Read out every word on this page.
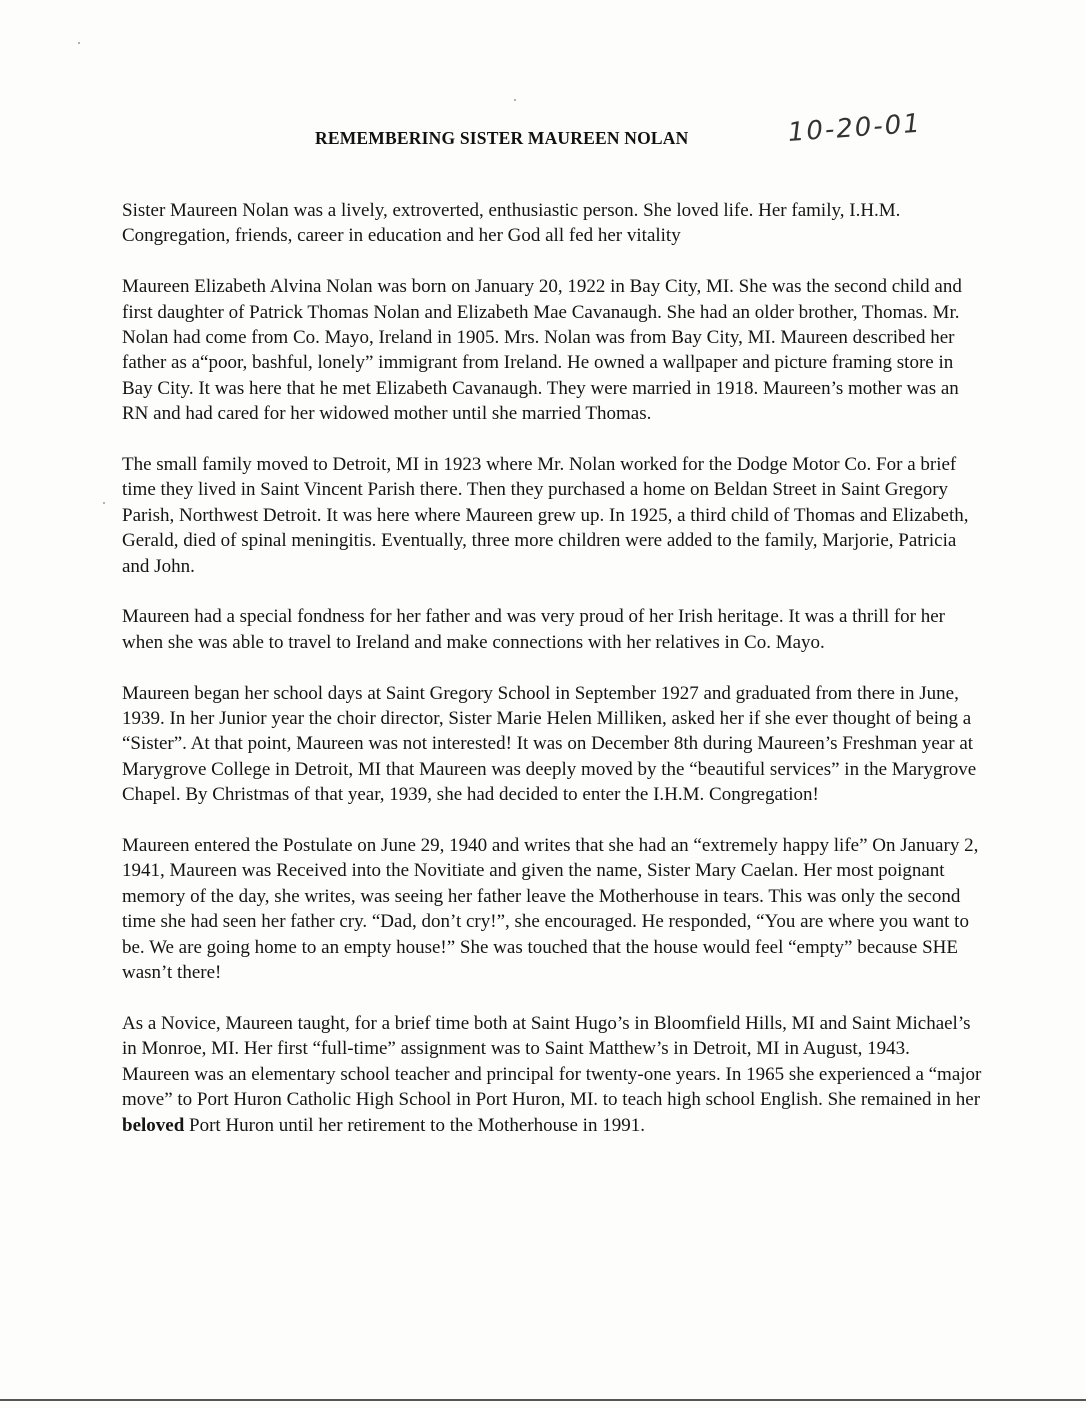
REMEMBERING SISTER MAUREEN NOLAN	10-20-01

Sister Maureen Nolan was a lively, extroverted, enthusiastic person. She loved life. Her family, I.H.M. Congregation, friends, career in education and her God all fed her vitality

Maureen Elizabeth Alvina Nolan was born on January 20, 1922 in Bay City, MI. She was the second child and first daughter of Patrick Thomas Nolan and Elizabeth Mae Cavanaugh. She had an older brother, Thomas. Mr. Nolan had come from Co. Mayo, Ireland in 1905. Mrs. Nolan was from Bay City, MI. Maureen described her father as a“poor, bashful, lonely” immigrant from Ireland. He owned a wallpaper and picture framing store in Bay City. It was here that he met Elizabeth Cavanaugh. They were married in 1918. Maureen’s mother was an RN and had cared for her widowed mother until she married Thomas.

The small family moved to Detroit, MI in 1923 where Mr. Nolan worked for the Dodge Motor Co. For a brief time they lived in Saint Vincent Parish there. Then they purchased a home on Beldan Street in Saint Gregory Parish, Northwest Detroit. It was here where Maureen grew up. In 1925, a third child of Thomas and Elizabeth, Gerald, died of spinal meningitis. Eventually, three more children were added to the family, Marjorie, Patricia and John.

Maureen had a special fondness for her father and was very proud of her Irish heritage. It was a thrill for her when she was able to travel to Ireland and make connections with her relatives in Co. Mayo.

Maureen began her school days at Saint Gregory School in September 1927 and graduated from there in June, 1939. In her Junior year the choir director, Sister Marie Helen Milliken, asked her if she ever thought of being a “Sister”. At that point, Maureen was not interested! It was on December 8th during Maureen’s Freshman year at Marygrove College in Detroit, MI that Maureen was deeply moved by the “beautiful services” in the Marygrove Chapel. By Christmas of that year, 1939, she had decided to enter the I.H.M. Congregation!

Maureen entered the Postulate on June 29, 1940 and writes that she had an “extremely happy life” On January 2, 1941, Maureen was Received into the Novitiate and given the name, Sister Mary Caelan. Her most poignant memory of the day, she writes, was seeing her father leave the Motherhouse in tears. This was only the second time she had seen her father cry. “Dad, don’t cry!”, she encouraged. He responded, “You are where you want to be. We are going home to an empty house!” She was touched that the house would feel “empty” because SHE wasn’t there!

As a Novice, Maureen taught, for a brief time both at Saint Hugo’s in Bloomfield Hills, MI and Saint Michael’s in Monroe, MI. Her first “full-time” assignment was to Saint Matthew’s in Detroit, MI in August, 1943. Maureen was an elementary school teacher and principal for twenty-one years. In 1965 she experienced a “major move” to Port Huron Catholic High School in Port Huron, MI. to teach high school English. She remained in her beloved Port Huron until her retirement to the Motherhouse in 1991.
